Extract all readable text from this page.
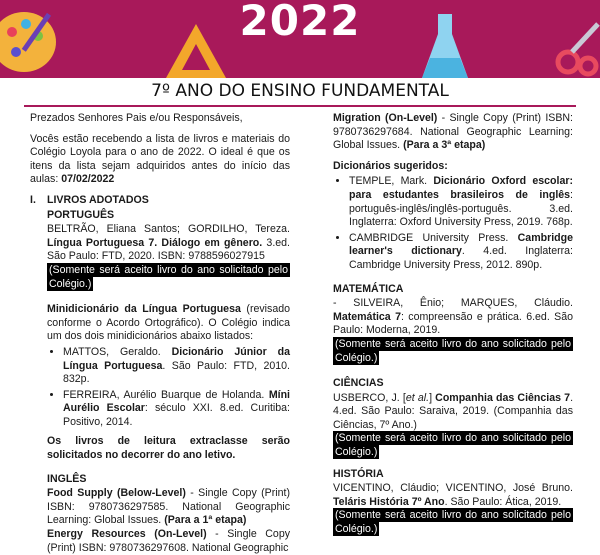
2022
7º ANO DO ENSINO FUNDAMENTAL

Prezados Senhores Pais e/ou Responsáveis,

Vocês estão recebendo a lista de livros e materiais do Colégio Loyola para o ano de 2022. O ideal é que os itens da lista sejam adquiridos antes do início das aulas: 07/02/2022

I.	LIVROS ADOTADOS
PORTUGUÊS
BELTRÃO, Eliana Santos; GORDILHO, Tereza. Língua Portuguesa 7. Diálogo em gênero. 3.ed. São Paulo: FTD, 2020. ISBN: 9788596027915
(Somente será aceito livro do ano solicitado pelo Colégio.)
Minidicionário da Língua Portuguesa (revisado conforme o Acordo Ortográfico). O Colégio indica um dos dois minidicionários abaixo listados:
• MATTOS, Geraldo. Dicionário Júnior da Língua Portuguesa. São Paulo: FTD, 2010. 832p.
• FERREIRA, Aurélio Buarque de Holanda. Míni Aurélio Escolar: século XXI. 8.ed. Curitiba: Positivo, 2014.
Os livros de leitura extraclasse serão solicitados no decorrer do ano letivo.
INGLÊS
Food Supply (Below-Level) - Single Copy (Print) ISBN: 9780736297585. National Geographic Learning: Global Issues. (Para a 1ª etapa)
Energy Resources (On-Level) - Single Copy (Print) ISBN: 9780736297608. National Geographic

Migration (On-Level) - Single Copy (Print) ISBN: 9780736297684. National Geographic Learning: Global Issues. (Para a 3ª etapa)

Dicionários sugeridos:
• TEMPLE, Mark. Dicionário Oxford escolar: para estudantes brasileiros de inglês: português-inglês/inglês-português. 3.ed. Inglaterra: Oxford University Press, 2019. 768p.
• CAMBRIDGE University Press. Cambridge learner's dictionary. 4.ed. Inglaterra: Cambridge University Press, 2012. 890p.
MATEMÁTICA
- SILVEIRA, Ênio; MARQUES, Cláudio. Matemática 7: compreensão e prática. 6.ed. São Paulo: Moderna, 2019.
(Somente será aceito livro do ano solicitado pelo Colégio.)
CIÊNCIAS
USBERCO, J. [et al.] Companhia das Ciências 7. 4.ed. São Paulo: Saraiva, 2019. (Companhia das Ciências, 7º Ano.)
(Somente será aceito livro do ano solicitado pelo Colégio.)
HISTÓRIA
VICENTINO, Cláudio; VICENTINO, José Bruno. Teláris História 7º Ano. São Paulo: Ática, 2019.
(Somente será aceito livro do ano solicitado pelo Colégio.)
